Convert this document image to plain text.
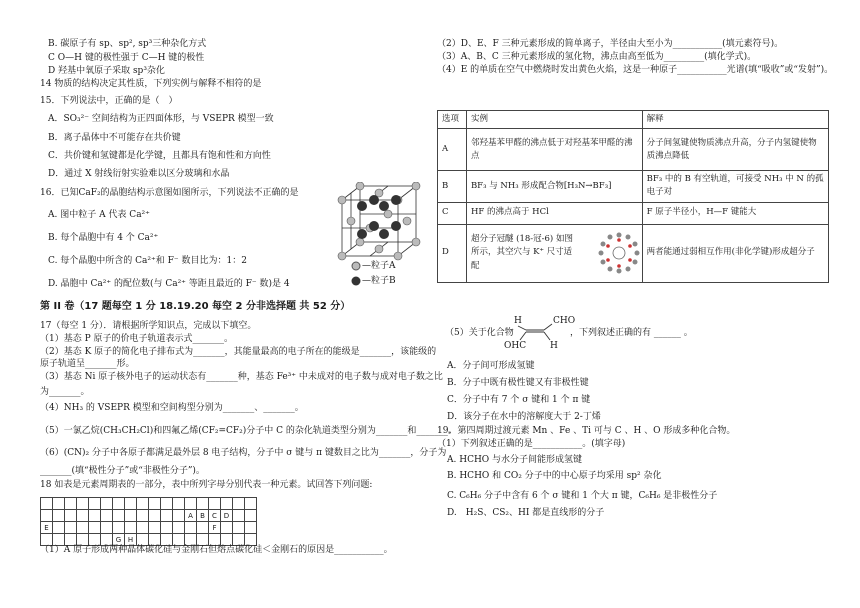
B. 碳原子有 sp、sp², sp³三种杂化方式
C O—H 键的极性强于 C—H 键的极性
D 羟基中氧原子采取 sp³杂化
14 物质的结构决定其性质，下列实例与解释不相符的是
15．下列说法中，正确的是（　）
A．SO₃²⁻ 空间结构为正四面体形，与 VSEPR 模型一致
B．离子晶体中不可能存在共价键
C．共价键和氢键都是化学键，且都具有饱和性和方向性
D．通过 X 射线衍射实验难以区分玻璃和水晶
16．已知CaF₂的晶胞结构示意图如图所示，下列说法不正确的是
A. 图中粒子 A 代表 Ca²⁺
B. 每个晶胞中有 4 个 Ca²⁺
C. 每个晶胞中所含的 Ca²⁺和 F⁻ 数目比为：1：2
D. 晶胞中 Ca²⁺ 的配位数(与 Ca²⁺ 等距且最近的 F⁻ 数)是 4
—粒子A
—粒子B
第 II 卷（17 题每空 1 分 18.19.20 每空 2 分非选择题 共 52 分）
17（每空 1 分）．请根据所学知识点，完成以下填空。
（1）基态 P 原子的价电子轨道表示式_______。
（2）基态 K 原子的简化电子排布式为_______，其能量最高的电子所在的能级是_______，该能级的
原子轨道呈_______形。
（3）基态 Ni 原子核外电子的运动状态有_______种，基态 Fe³⁺ 中未成对的电子数与成对电子数之比
为_______。
（4）NH₃ 的 VSEPR 模型和空间构型分别为_______、_______。
（5）一氯乙烷(CH₃CH₂Cl)和四氟乙烯(CF₂=CF₂)分子中 C 的杂化轨道类型分别为_______和_______。
（6）(CN)₂ 分子中各原子都满足最外层 8 电子结构，分子中 σ 键与 π 键数目之比为_______，分子为
_______(填“极性分子”或“非极性分子”)。
18 如表是元素周期表的一部分，表中所列字母分别代表一种元素。试回答下列问题:

												A	B	C	D		
E														F			
						G	H										
（1）A 原子形成两种晶体碳化硅与金刚石但熔点碳化硅＜金刚石的原因是___________。
（2）D、E、F 三种元素形成的简单离子，半径由大至小为___________(填元素符号)。
（3）A、B、C 三种元素形成的氢化物，沸点由高至低为_________(填化学式)。
（4）E 的单质在空气中燃烧时发出黄色火焰，这是一种原子___________光谱(填“吸收”或“发射”)。
选项	实例	解释
A	邻羟基苯甲醛的沸点低于对羟基苯甲醛的沸点	分子间氢键使物质沸点升高，分子内氢键使物质沸点降低
B	BF₃ 与 NH₃ 形成配合物[H₃N→BF₃]	BF₃ 中的 B 有空轨道，可接受 NH₃ 中 N 的孤电子对
C	HF 的沸点高于 HCl	F 原子半径小，H—F 键能大
D	超分子冠醚 (18-冠-6) 如图所示，其空穴与 K⁺ 尺寸适配	两者能通过弱相互作用(非化学键)形成超分子
（5）关于化合物
H	CHO
OHC	H
，下列叙述正确的有 ______ 。
A．分子间可形成氢键
B．分子中既有极性键又有非极性键
C．分子中有 7 个 σ 键和 1 个 π 键
D．该分子在水中的溶解度大于 2-丁烯
19．第四周期过渡元素 Mn 、Fe 、Ti 可与 C 、H 、O 形成多种化合物。
（1）下列叙述正确的是___________。(填字母)
A. HCHO 与水分子间能形成氢键
B. HCHO 和 CO₂ 分子中的中心原子均采用 sp² 杂化
C. C₆H₆ 分子中含有 6 个 σ 键和 1 个大 π 键，C₆H₆ 是非极性分子
D.　H₂S、CS₂、HI 都是直线形的分子
